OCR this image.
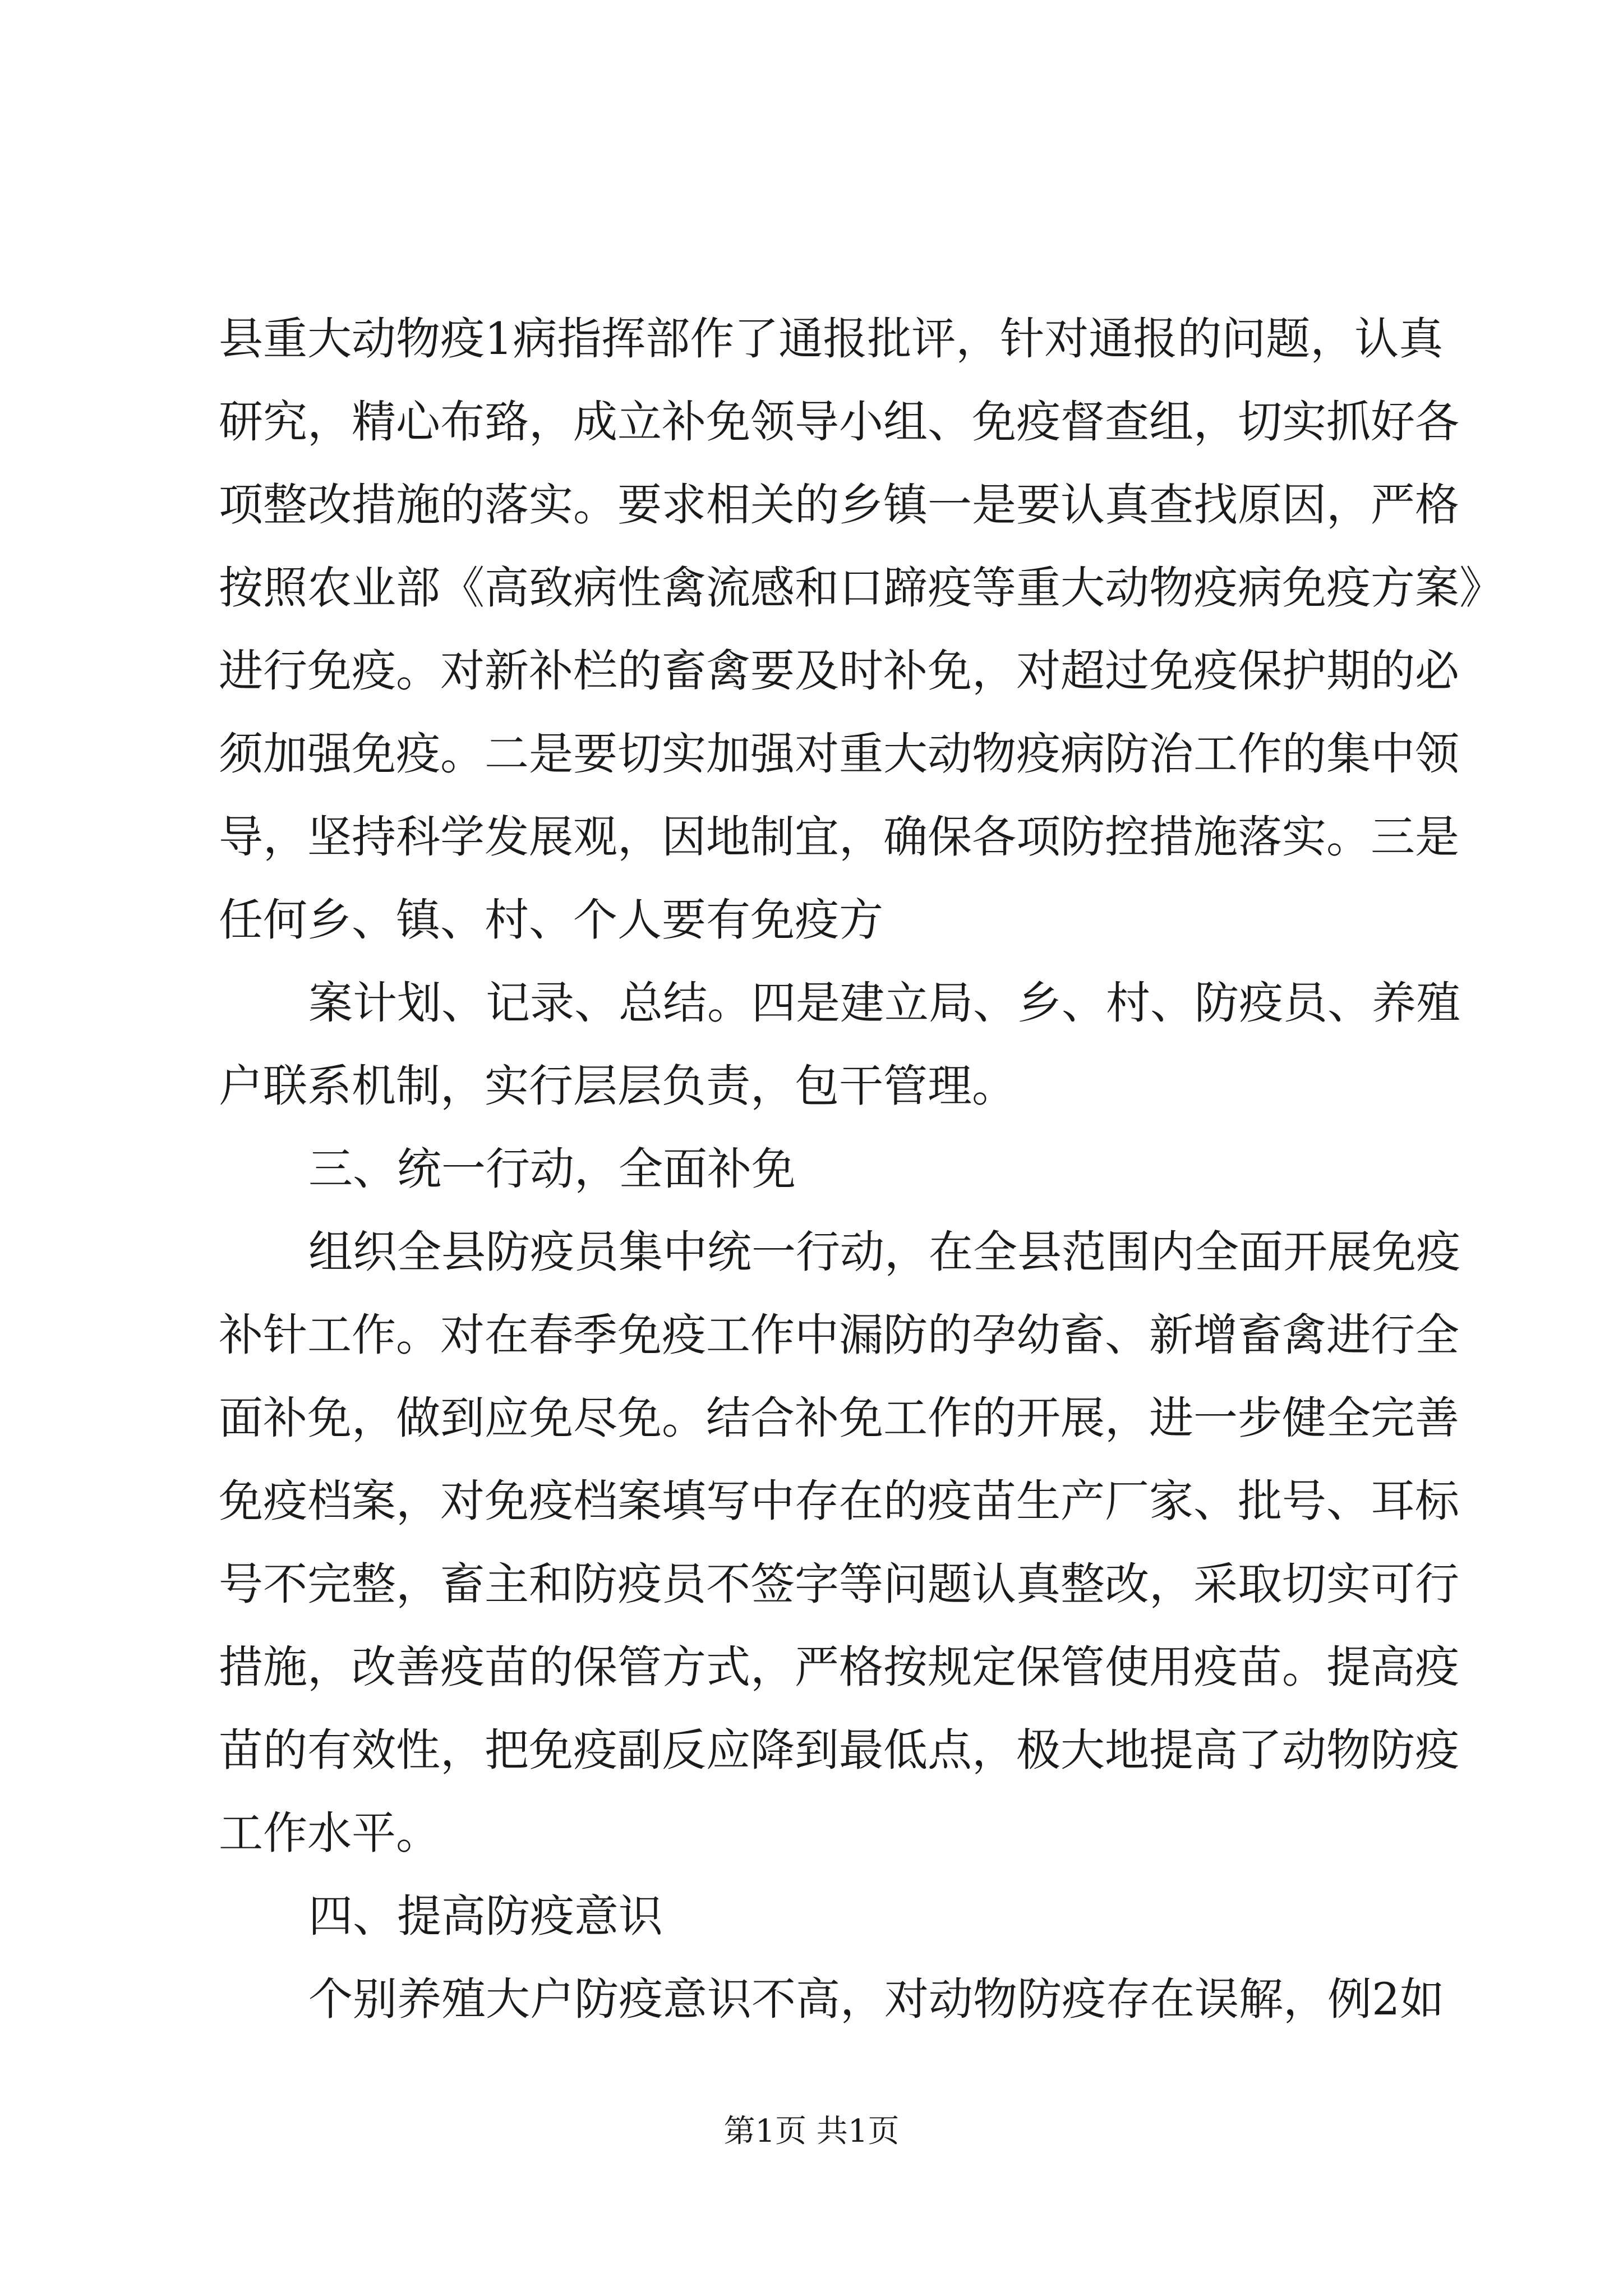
县重大动物疫1病指挥部作了通报批评，针对通报的问题，认真
研究，精心布臵，成立补免领导小组、免疫督查组，切实抓好各
项整改措施的落实。要求相关的乡镇一是要认真查找原因，严格
按照农业部《高致病性禽流感和口蹄疫等重大动物疫病免疫方案》
进行免疫。对新补栏的畜禽要及时补免，对超过免疫保护期的必
须加强免疫。二是要切实加强对重大动物疫病防治工作的集中领
导，坚持科学发展观，因地制宜，确保各项防控措施落实。三是
任何乡、镇、村、个人要有免疫方
案计划、记录、总结。四是建立局、乡、村、防疫员、养殖
户联系机制，实行层层负责，包干管理。
三、统一行动，全面补免
组织全县防疫员集中统一行动，在全县范围内全面开展免疫
补针工作。对在春季免疫工作中漏防的孕幼畜、新增畜禽进行全
面补免，做到应免尽免。结合补免工作的开展，进一步健全完善
免疫档案，对免疫档案填写中存在的疫苗生产厂家、批号、耳标
号不完整，畜主和防疫员不签字等问题认真整改，采取切实可行
措施，改善疫苗的保管方式，严格按规定保管使用疫苗。提高疫
苗的有效性，把免疫副反应降到最低点，极大地提高了动物防疫
工作水平。
四、提高防疫意识
个别养殖大户防疫意识不高，对动物防疫存在误解，例2如
第1页 共1页
